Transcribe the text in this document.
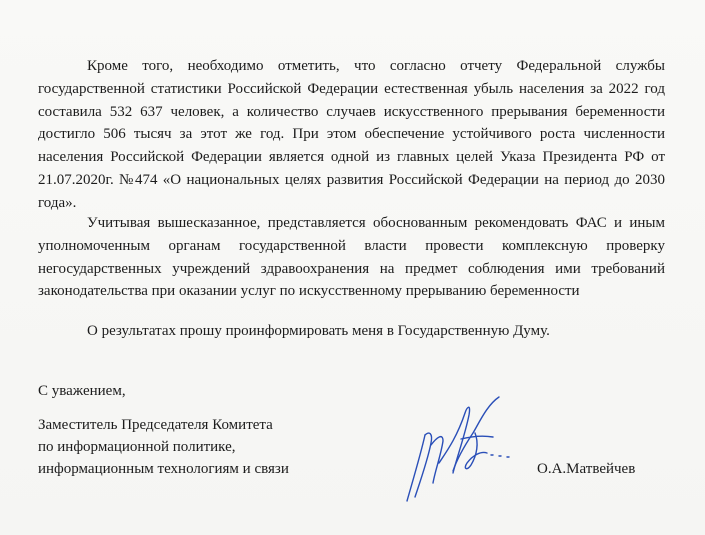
Кроме того, необходимо отметить, что согласно отчету Федеральной службы государственной статистики Российской Федерации естественная убыль населения за 2022 год составила 532 637 человек, а количество случаев искусственного прерывания беременности достигло 506 тысяч за этот же год. При этом обеспечение устойчивого роста численности населения Российской Федерации является одной из главных целей Указа Президента РФ от 21.07.2020г. №474 «О национальных целях развития Российской Федерации на период до 2030 года».

Учитывая вышесказанное, представляется обоснованным рекомендовать ФАС и иным уполномоченным органам государственной власти провести комплексную проверку негосударственных учреждений здравоохранения на предмет соблюдения ими требований законодательства при оказании услуг по искусственному прерыванию беременности

О результатах прошу проинформировать меня в Государственную Думу.

С уважением,
Заместитель Председателя Комитета
по информационной политике,
информационным технологиям и связи	О.А.Матвейчев
